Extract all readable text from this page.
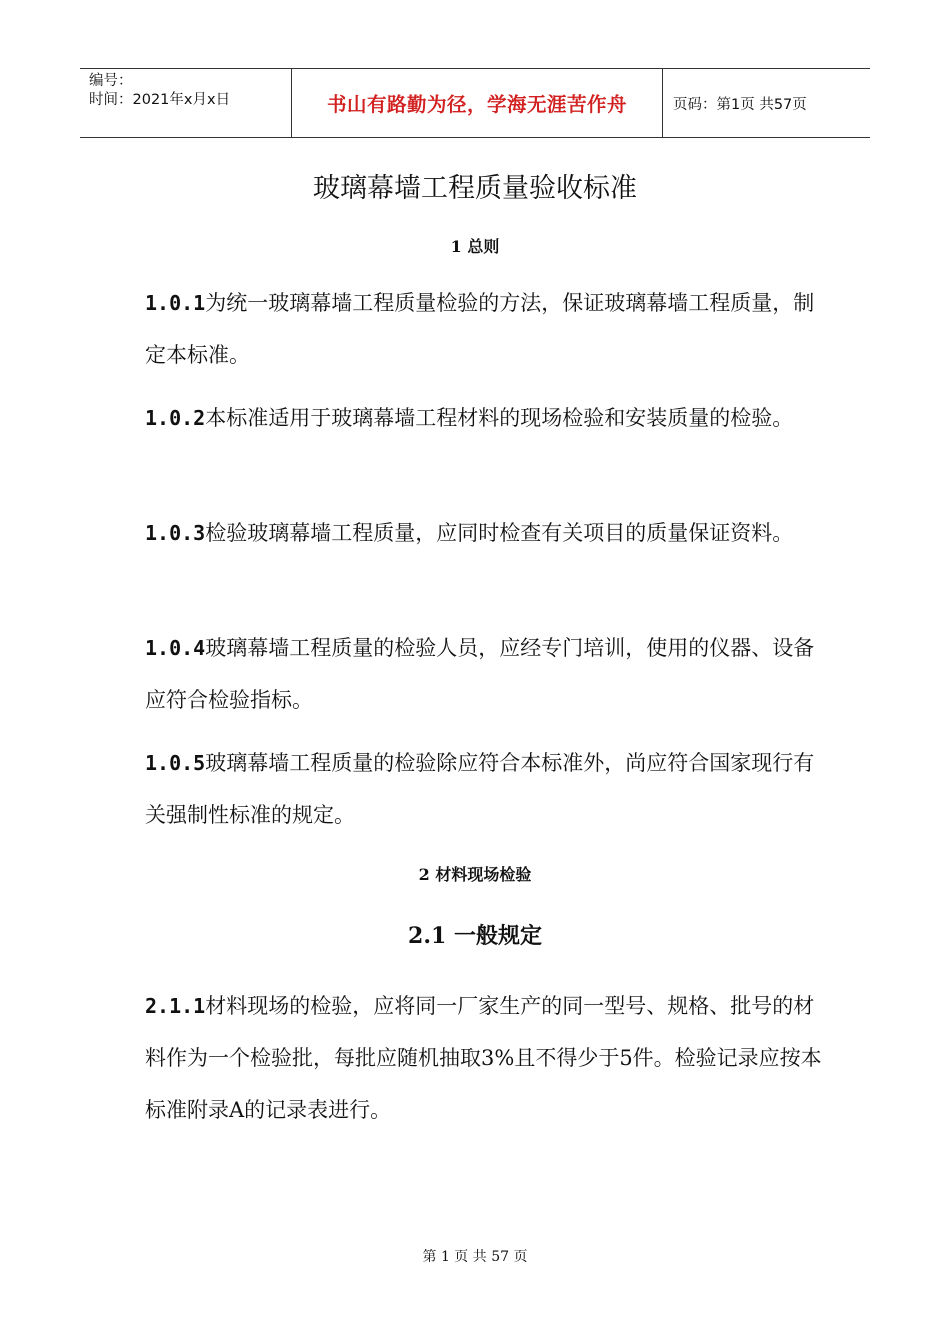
编号：
时间：2021年x月x日	书山有路勤为径，学海无涯苦作舟	页码：第1页 共57页
玻璃幕墙工程质量验收标准
1 总则

1.0.1为统一玻璃幕墙工程质量检验的方法，保证玻璃幕墙工程质量，制定本标准。

1.0.2本标准适用于玻璃幕墙工程材料的现场检验和安装质量的检验。

1.0.3检验玻璃幕墙工程质量，应同时检查有关项目的质量保证资料。

1.0.4玻璃幕墙工程质量的检验人员，应经专门培训，使用的仪器、设备应符合检验指标。

1.0.5玻璃幕墙工程质量的检验除应符合本标准外，尚应符合国家现行有关强制性标准的规定。

2 材料现场检验
2.1 一般规定

2.1.1材料现场的检验，应将同一厂家生产的同一型号、规格、批号的材料作为一个检验批，每批应随机抽取3%且不得少于5件。检验记录应按本标准附录A的记录表进行。

第 1 页 共 57 页
